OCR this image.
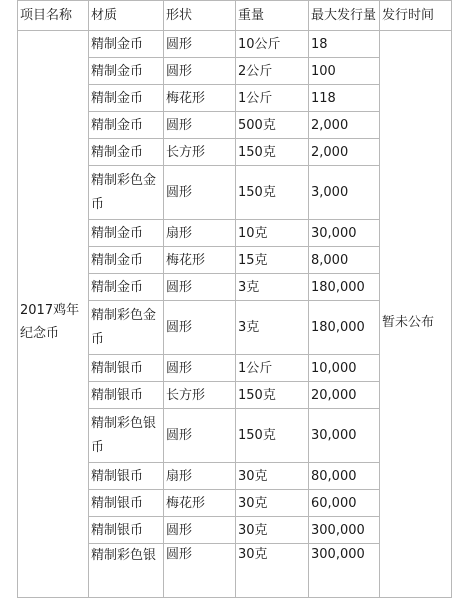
项目名称	材质	形状	重量	最大发行量	发行时间
2017鸡年纪念币	精制金币	圆形	10公斤	18	暂未公布
	精制金币	圆形	2公斤	100	
	精制金币	梅花形	1公斤	118	
	精制金币	圆形	500克	2,000	
	精制金币	长方形	150克	2,000	
	精制彩色金币	圆形	150克	3,000	
	精制金币	扇形	10克	30,000	
	精制金币	梅花形	15克	8,000	
	精制金币	圆形	3克	180,000	
	精制彩色金币	圆形	3克	180,000	
	精制银币	圆形	1公斤	10,000	
	精制银币	长方形	150克	20,000	
	精制彩色银币	圆形	150克	30,000	
	精制银币	扇形	30克	80,000	
	精制银币	梅花形	30克	60,000	
	精制银币	圆形	30克	300,000	
	精制彩色银	圆形	30克	300,000	
